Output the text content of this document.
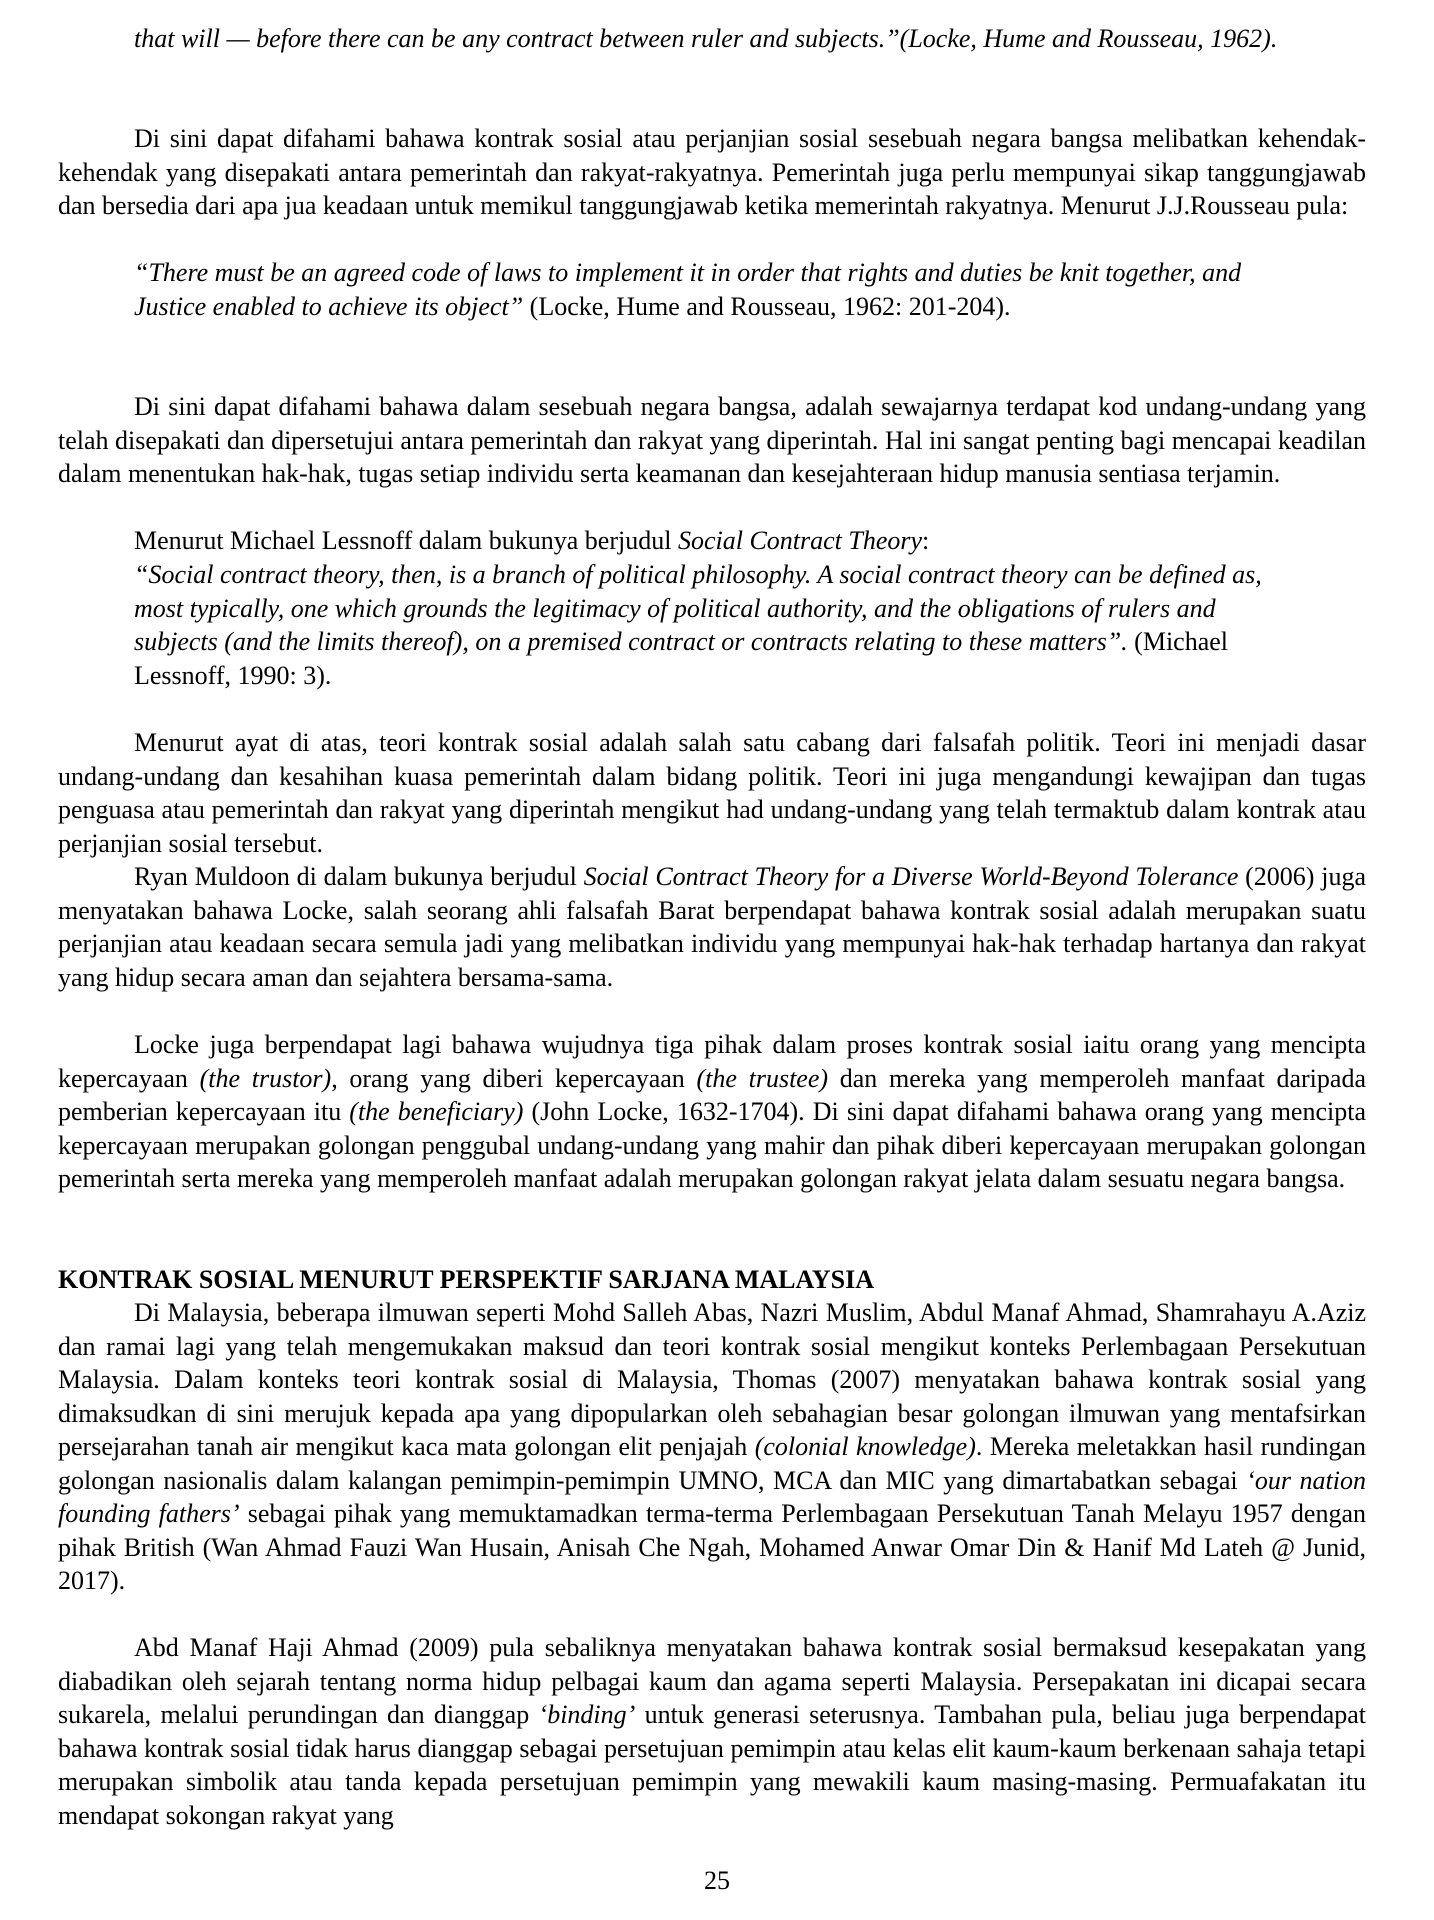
that will — before there can be any contract between ruler and subjects.”(Locke, Hume and Rousseau, 1962).

Di sini dapat difahami bahawa kontrak sosial atau perjanjian sosial sesebuah negara bangsa melibatkan kehendak-kehendak yang disepakati antara pemerintah dan rakyat-rakyatnya. Pemerintah juga perlu mempunyai sikap tanggungjawab dan bersedia dari apa jua keadaan untuk memikul tanggungjawab ketika memerintah rakyatnya. Menurut J.J.Rousseau pula:

“There must be an agreed code of laws to implement it in order that rights and duties be knit together, and Justice enabled to achieve its object” (Locke, Hume and Rousseau, 1962: 201-204).

Di sini dapat difahami bahawa dalam sesebuah negara bangsa, adalah sewajarnya terdapat kod undang-undang yang telah disepakati dan dipersetujui antara pemerintah dan rakyat yang diperintah. Hal ini sangat penting bagi mencapai keadilan dalam menentukan hak-hak, tugas setiap individu serta keamanan dan kesejahteraan hidup manusia sentiasa terjamin.

Menurut Michael Lessnoff dalam bukunya berjudul Social Contract Theory:

“Social contract theory, then, is a branch of political philosophy. A social contract theory can be defined as, most typically, one which grounds the legitimacy of political authority, and the obligations of rulers and subjects (and the limits thereof), on a premised contract or contracts relating to these matters”. (Michael Lessnoff, 1990: 3).

Menurut ayat di atas, teori kontrak sosial adalah salah satu cabang dari falsafah politik. Teori ini menjadi dasar undang-undang dan kesahihan kuasa pemerintah dalam bidang politik. Teori ini juga mengandungi kewajipan dan tugas penguasa atau pemerintah dan rakyat yang diperintah mengikut had undang-undang yang telah termaktub dalam kontrak atau perjanjian sosial tersebut.

Ryan Muldoon di dalam bukunya berjudul Social Contract Theory for a Diverse World-Beyond Tolerance (2006) juga menyatakan bahawa Locke, salah seorang ahli falsafah Barat berpendapat bahawa kontrak sosial adalah merupakan suatu perjanjian atau keadaan secara semula jadi yang melibatkan individu yang mempunyai hak-hak terhadap hartanya dan rakyat yang hidup secara aman dan sejahtera bersama-sama.

Locke juga berpendapat lagi bahawa wujudnya tiga pihak dalam proses kontrak sosial iaitu orang yang mencipta kepercayaan (the trustor), orang yang diberi kepercayaan (the trustee) dan mereka yang memperoleh manfaat daripada pemberian kepercayaan itu (the beneficiary) (John Locke, 1632-1704). Di sini dapat difahami bahawa orang yang mencipta kepercayaan merupakan golongan penggubal undang-undang yang mahir dan pihak diberi kepercayaan merupakan golongan pemerintah serta mereka yang memperoleh manfaat adalah merupakan golongan rakyat jelata dalam sesuatu negara bangsa.

KONTRAK SOSIAL MENURUT PERSPEKTIF SARJANA MALAYSIA

Di Malaysia, beberapa ilmuwan seperti Mohd Salleh Abas, Nazri Muslim, Abdul Manaf Ahmad, Shamrahayu A.Aziz dan ramai lagi yang telah mengemukakan maksud dan teori kontrak sosial mengikut konteks Perlembagaan Persekutuan Malaysia. Dalam konteks teori kontrak sosial di Malaysia, Thomas (2007) menyatakan bahawa kontrak sosial yang dimaksudkan di sini merujuk kepada apa yang dipopularkan oleh sebahagian besar golongan ilmuwan yang mentafsirkan persejarahan tanah air mengikut kaca mata golongan elit penjajah (colonial knowledge). Mereka meletakkan hasil rundingan golongan nasionalis dalam kalangan pemimpin-pemimpin UMNO, MCA dan MIC yang dimartabatkan sebagai ‘our nation founding fathers’ sebagai pihak yang memuktamadkan terma-terma Perlembagaan Persekutuan Tanah Melayu 1957 dengan pihak British (Wan Ahmad Fauzi Wan Husain, Anisah Che Ngah, Mohamed Anwar Omar Din & Hanif Md Lateh @ Junid, 2017).

Abd Manaf Haji Ahmad (2009) pula sebaliknya menyatakan bahawa kontrak sosial bermaksud kesepakatan yang diabadikan oleh sejarah tentang norma hidup pelbagai kaum dan agama seperti Malaysia. Persepakatan ini dicapai secara sukarela, melalui perundingan dan dianggap ‘binding’ untuk generasi seterusnya. Tambahan pula, beliau juga berpendapat bahawa kontrak sosial tidak harus dianggap sebagai persetujuan pemimpin atau kelas elit kaum-kaum berkenaan sahaja tetapi merupakan simbolik atau tanda kepada persetujuan pemimpin yang mewakili kaum masing-masing. Permuafakatan itu mendapat sokongan rakyat yang

25
